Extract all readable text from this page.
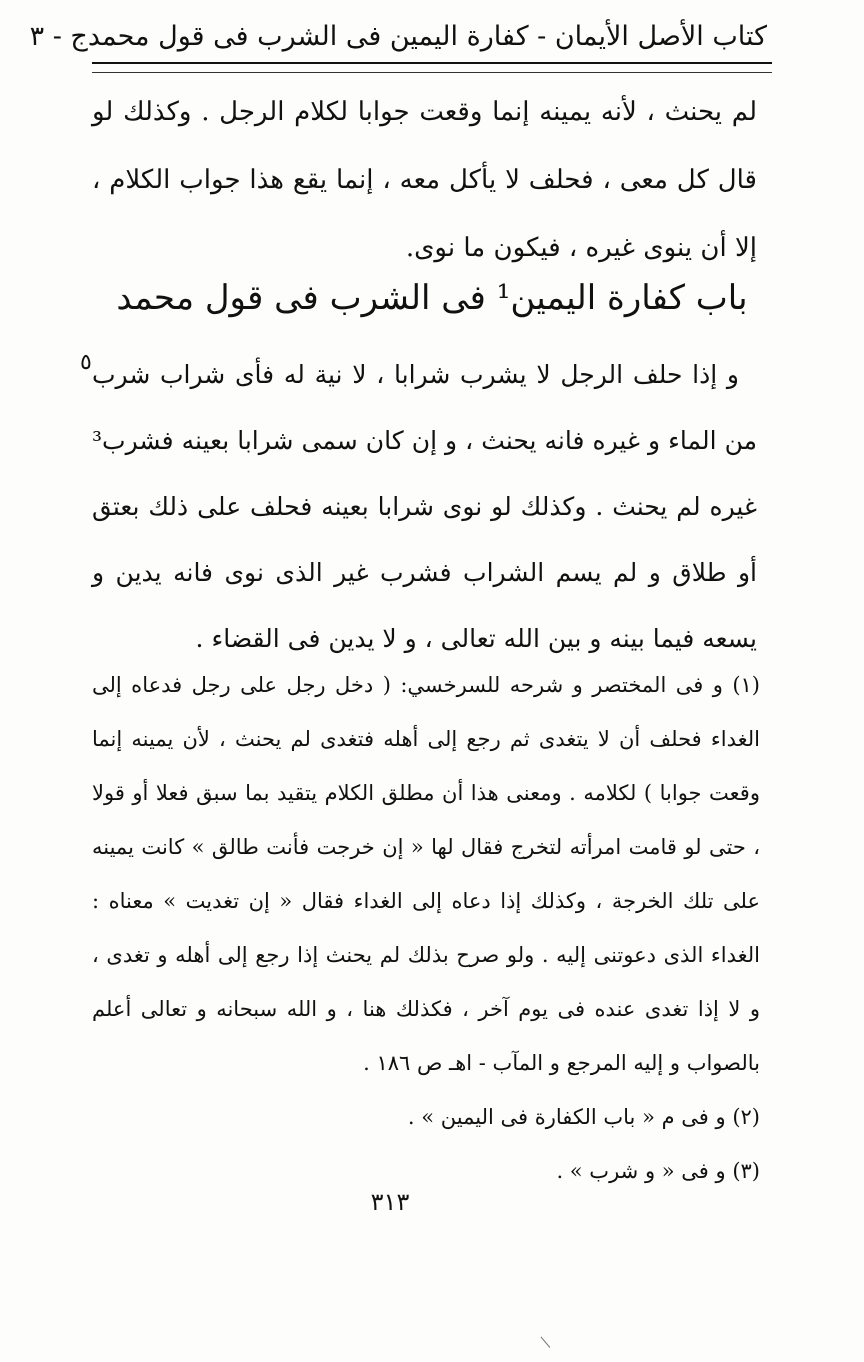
كتاب الأصل الأيمان - كفارة اليمين فى الشرب فى قول محمد
ج - ٣

لم يحنث ، لأنه يمينه إنما وقعت جوابا لكلام الرجل . وكذلك لو قال كل معى ، فحلف لا يأكل معه ، إنما يقع هذا جواب الكلام ، إلا أن ينوى غيره ، فيكون ما نوى.

باب كفارة اليمين¹ فى الشرب فى قول محمد
٥ و إذا حلف الرجل لا يشرب شرابا ، لا نية له فأى شراب شرب من الماء و غيره فانه يحنث ، و إن كان سمى شرابا بعينه فشرب³ غيره لم يحنث . وكذلك لو نوى شرابا بعينه فحلف على ذلك بعتق أو طلاق و لم يسم الشراب فشرب غير الذى نوى فانه يدين و يسعه فيما بينه و بين الله تعالى ، و لا يدين فى القضاء .

(١) و فى المختصر و شرحه للسرخسي: ( دخل رجل على رجل فدعاه إلى الغداء فحلف أن لا يتغدى ثم رجع إلى أهله فتغدى لم يحنث ، لأن يمينه إنما وقعت جوابا ) لكلامه . ومعنى هذا أن مطلق الكلام يتقيد بما سبق فعلا أو قولا ، حتى لو قامت امرأته لتخرج فقال لها « إن خرجت فأنت طالق » كانت يمينه على تلك الخرجة ، وكذلك إذا دعاه إلى الغداء فقال « إن تغديت » معناه : الغداء الذى دعوتنى إليه . ولو صرح بذلك لم يحنث إذا رجع إلى أهله و تغدى ، و لا إذا تغدى عنده فى يوم آخر ، فكذلك هنا ، و الله سبحانه و تعالى أعلم بالصواب و إليه المرجع و المآب - اهـ ص ١٨٦ .

(٢) و فى م « باب الكفارة فى اليمين » .

(٣) و فى « و شرب » .

٣١٣
